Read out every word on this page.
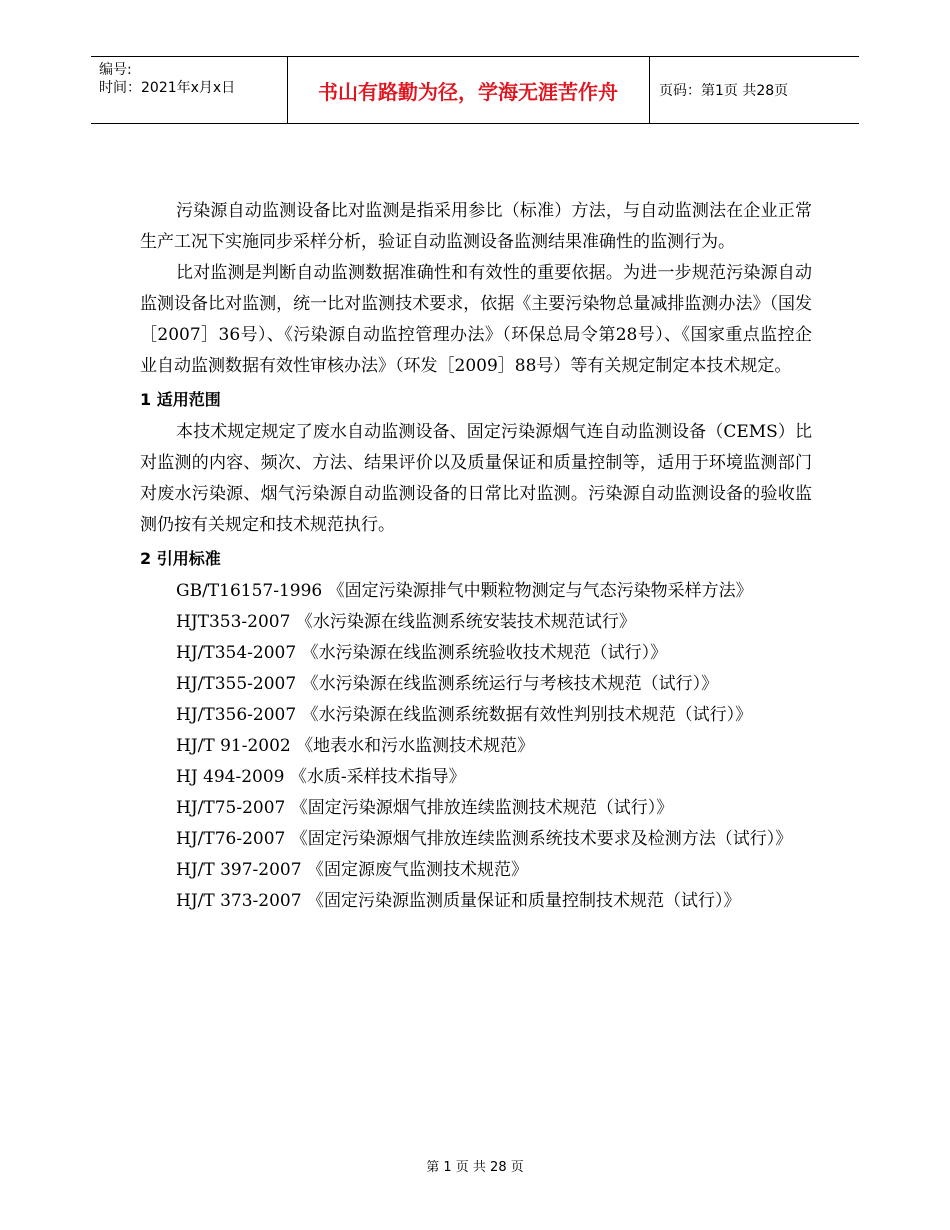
编号:
时间：2021年x月x日	书山有路勤为径，学海无涯苦作舟	页码：第1页 共28页

污染源自动监测设备比对监测是指采用参比（标准）方法，与自动监测法在企业正常生产工况下实施同步采样分析，验证自动监测设备监测结果准确性的监测行为。

比对监测是判断自动监测数据准确性和有效性的重要依据。为进一步规范污染源自动监测设备比对监测，统一比对监测技术要求，依据《主要污染物总量减排监测办法》（国发［2007］36号）、《污染源自动监控管理办法》（环保总局令第28号）、《国家重点监控企业自动监测数据有效性审核办法》（环发［2009］88号）等有关规定制定本技术规定。

1 适用范围

本技术规定规定了废水自动监测设备、固定污染源烟气连自动监测设备（CEMS）比对监测的内容、频次、方法、结果评价以及质量保证和质量控制等，适用于环境监测部门对废水污染源、烟气污染源自动监测设备的日常比对监测。污染源自动监测设备的验收监测仍按有关规定和技术规范执行。

2 引用标准

GB/T16157-1996 《固定污染源排气中颗粒物测定与气态污染物采样方法》

HJT353-2007 《水污染源在线监测系统安装技术规范试行》

HJ/T354-2007 《水污染源在线监测系统验收技术规范（试行）》

HJ/T355-2007 《水污染源在线监测系统运行与考核技术规范（试行）》

HJ/T356-2007 《水污染源在线监测系统数据有效性判别技术规范（试行）》

HJ/T 91-2002 《地表水和污水监测技术规范》

HJ 494-2009 《水质-采样技术指导》

HJ/T75-2007 《固定污染源烟气排放连续监测技术规范（试行）》

HJ/T76-2007 《固定污染源烟气排放连续监测系统技术要求及检测方法（试行）》

HJ/T 397-2007 《固定源废气监测技术规范》

HJ/T 373-2007 《固定污染源监测质量保证和质量控制技术规范（试行）》

第 1 页 共 28 页
